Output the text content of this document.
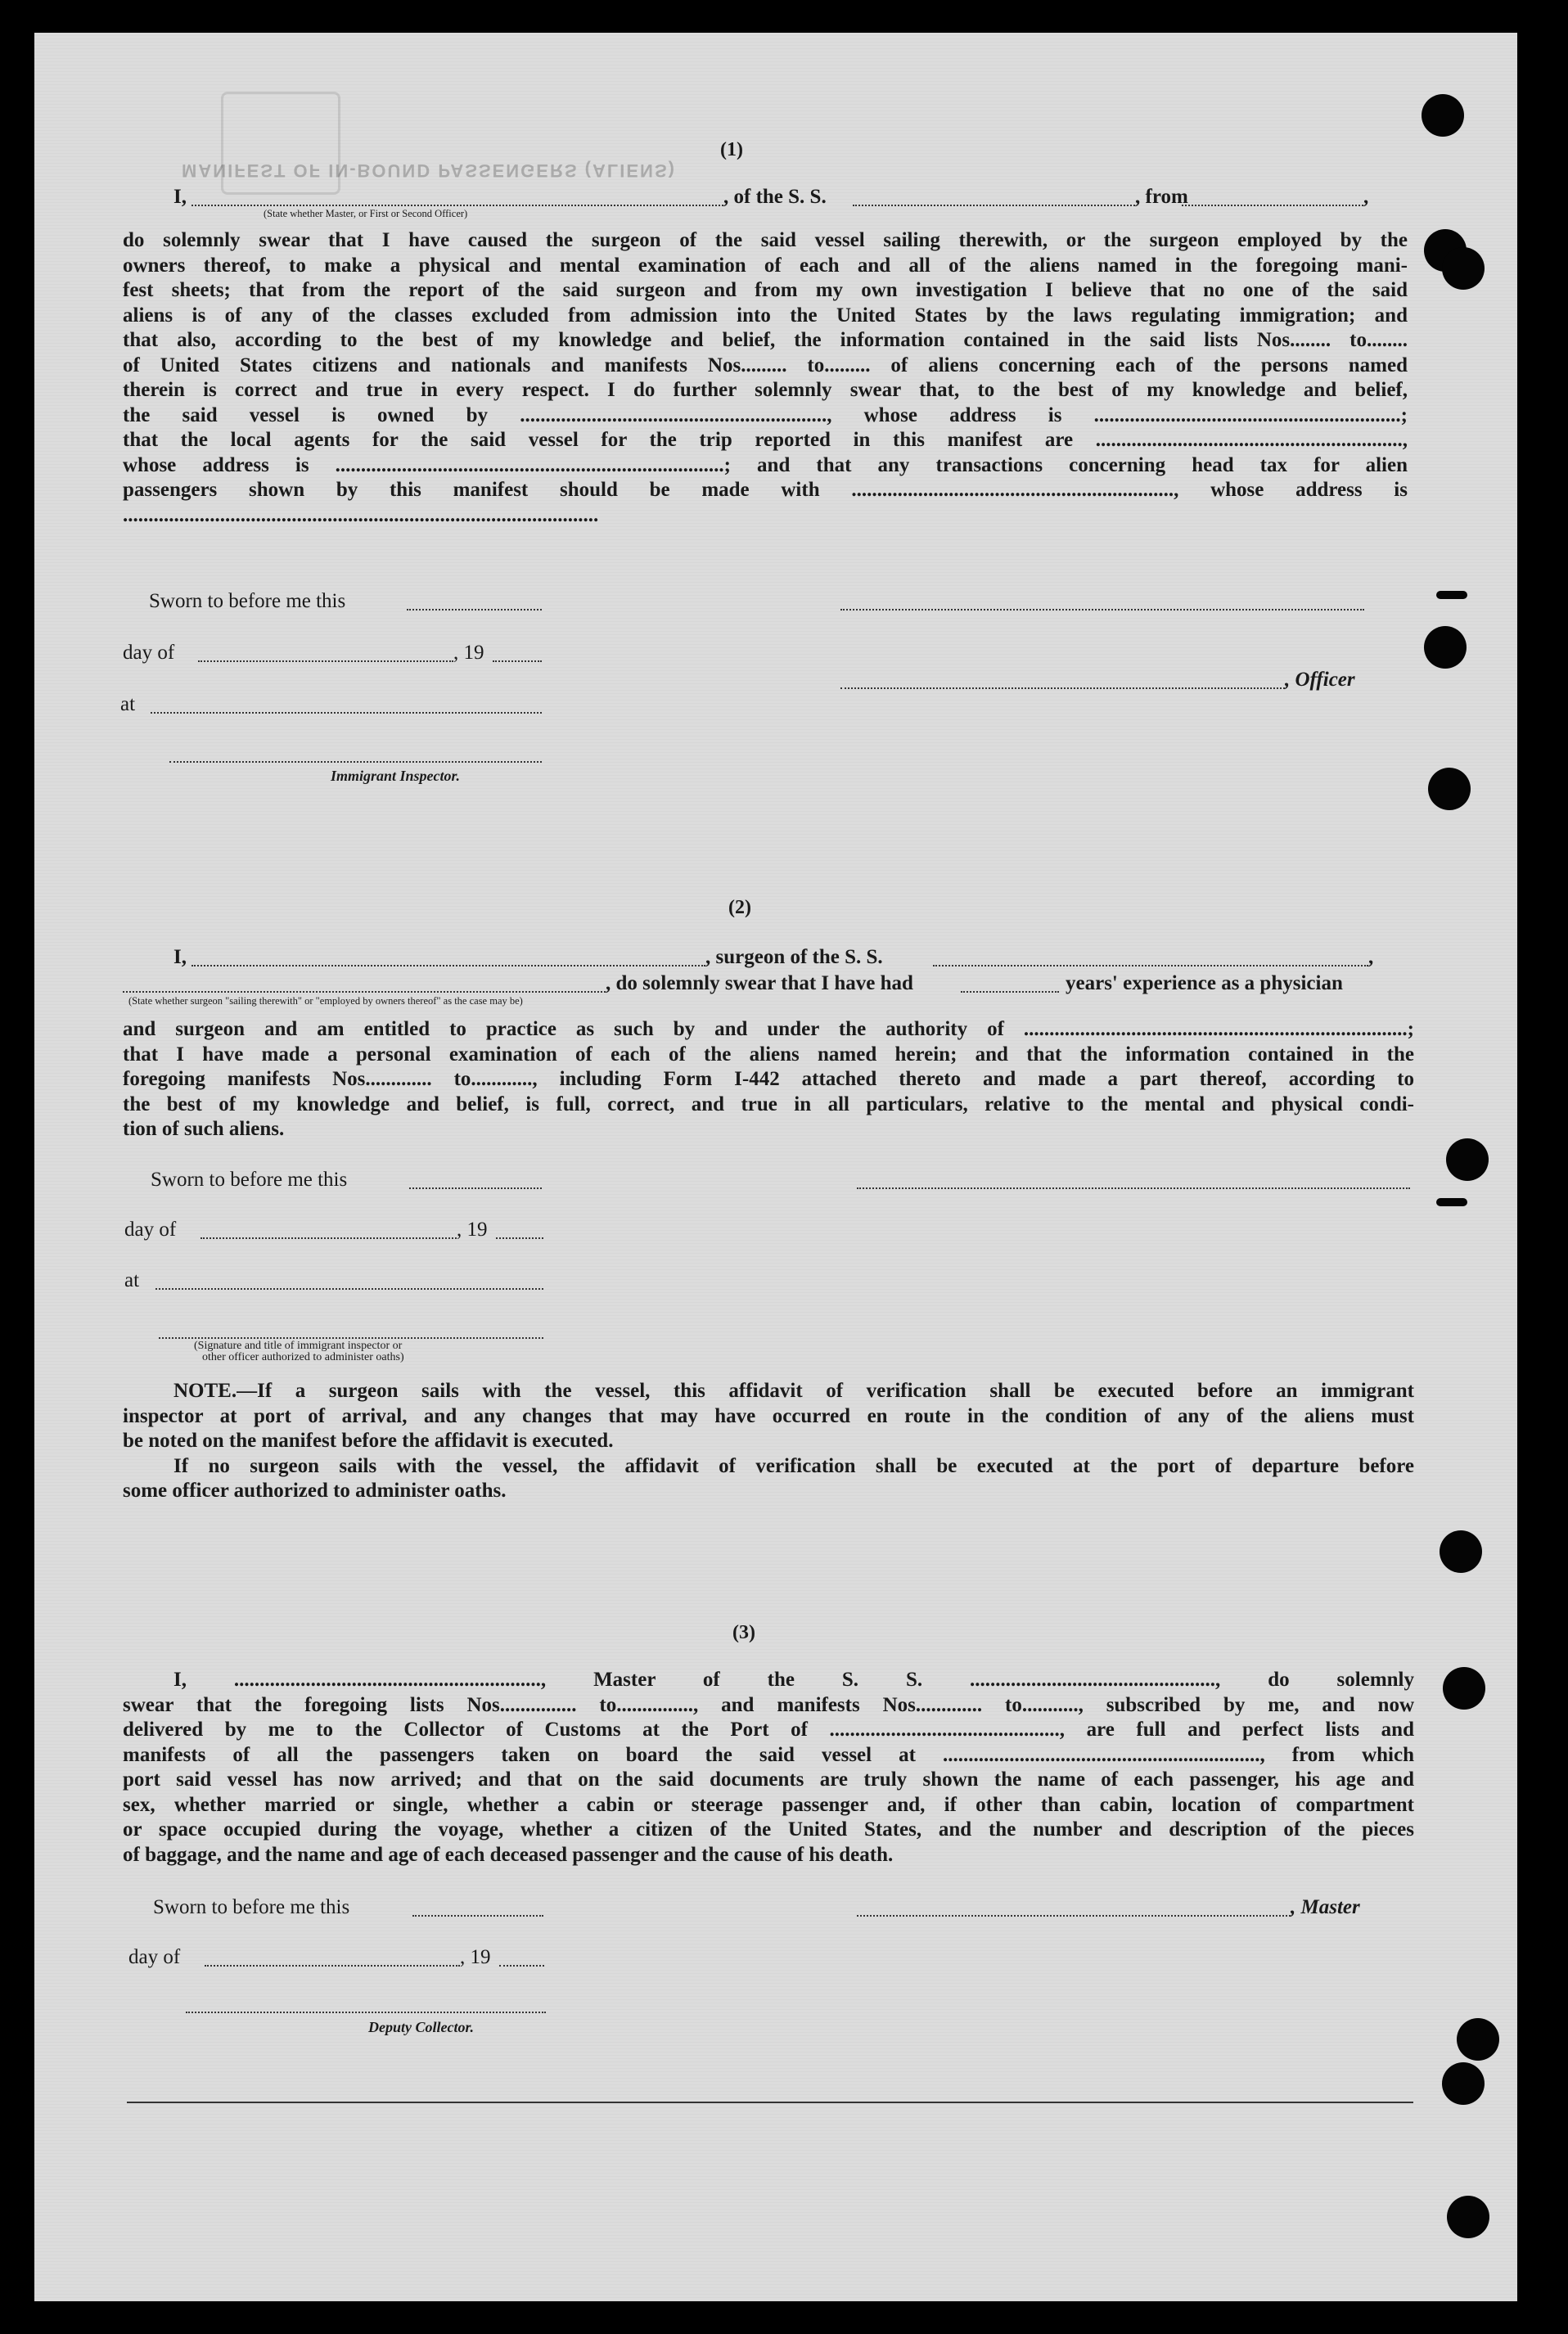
MANIFEST OF IN-BOUND PASSENGERS (ALIENS)
(1)
I,	, of the S. S.	, from	,
(State whether Master, or First or Second Officer)
do solemnly swear that I have caused the surgeon of the said vessel sailing therewith, or the surgeon employed by the
owners thereof, to make a physical and mental examination of each and all of the aliens named in the foregoing mani-
fest sheets; that from the report of the said surgeon and from my own investigation I believe that no one of the said
aliens is of any of the classes excluded from admission into the United States by the laws regulating immigration; and
that also, according to the best of my knowledge and belief, the information contained in the said lists Nos........ to........
of United States citizens and nationals and manifests Nos......... to......... of aliens concerning each of the persons named
therein is correct and true in every respect. I do further solemnly swear that, to the best of my knowledge and belief,
the said vessel is owned by ............................................................, whose address is ............................................................;
that the local agents for the said vessel for the trip reported in this manifest are ............................................................,
whose address is ............................................................................; and that any transactions concerning head tax for alien
passengers shown by this manifest should be made with ..............................................................., whose address is
.............................................................................................
Sworn to before me this
day of	, 19
, Officer
at
Immigrant Inspector.
(2)
I,	, surgeon of the S. S.	,
, do solemnly swear that I have had	years' experience as a physician
(State whether surgeon "sailing therewith" or "employed by owners thereof" as the case may be)
and surgeon and am entitled to practice as such by and under the authority of ...........................................................................;
that I have made a personal examination of each of the aliens named herein; and that the information contained in the
foregoing manifests Nos............. to............, including Form I-442 attached thereto and made a part thereof, according to
the best of my knowledge and belief, is full, correct, and true in all particulars, relative to the mental and physical condi-
tion of such aliens.
Sworn to before me this
day of	, 19
at
(Signature and title of immigrant inspector or
other officer authorized to administer oaths)
NOTE.—If a surgeon sails with the vessel, this affidavit of verification shall be executed before an immigrant
inspector at port of arrival, and any changes that may have occurred en route in the condition of any of the aliens must
be noted on the manifest before the affidavit is executed.
If no surgeon sails with the vessel, the affidavit of verification shall be executed at the port of departure before
some officer authorized to administer oaths.
(3)
I, ............................................................, Master of the S. S. ................................................, do solemnly
swear that the foregoing lists Nos............... to..............., and manifests Nos............. to..........., subscribed by me, and now
delivered by me to the Collector of Customs at the Port of ............................................., are full and perfect lists and
manifests of all the passengers taken on board the said vessel at .............................................................., from which
port said vessel has now arrived; and that on the said documents are truly shown the name of each passenger, his age and
sex, whether married or single, whether a cabin or steerage passenger and, if other than cabin, location of compartment
or space occupied during the voyage, whether a citizen of the United States, and the number and description of the pieces
of baggage, and the name and age of each deceased passenger and the cause of his death.
Sworn to before me this	, Master
day of	, 19
Deputy Collector.
